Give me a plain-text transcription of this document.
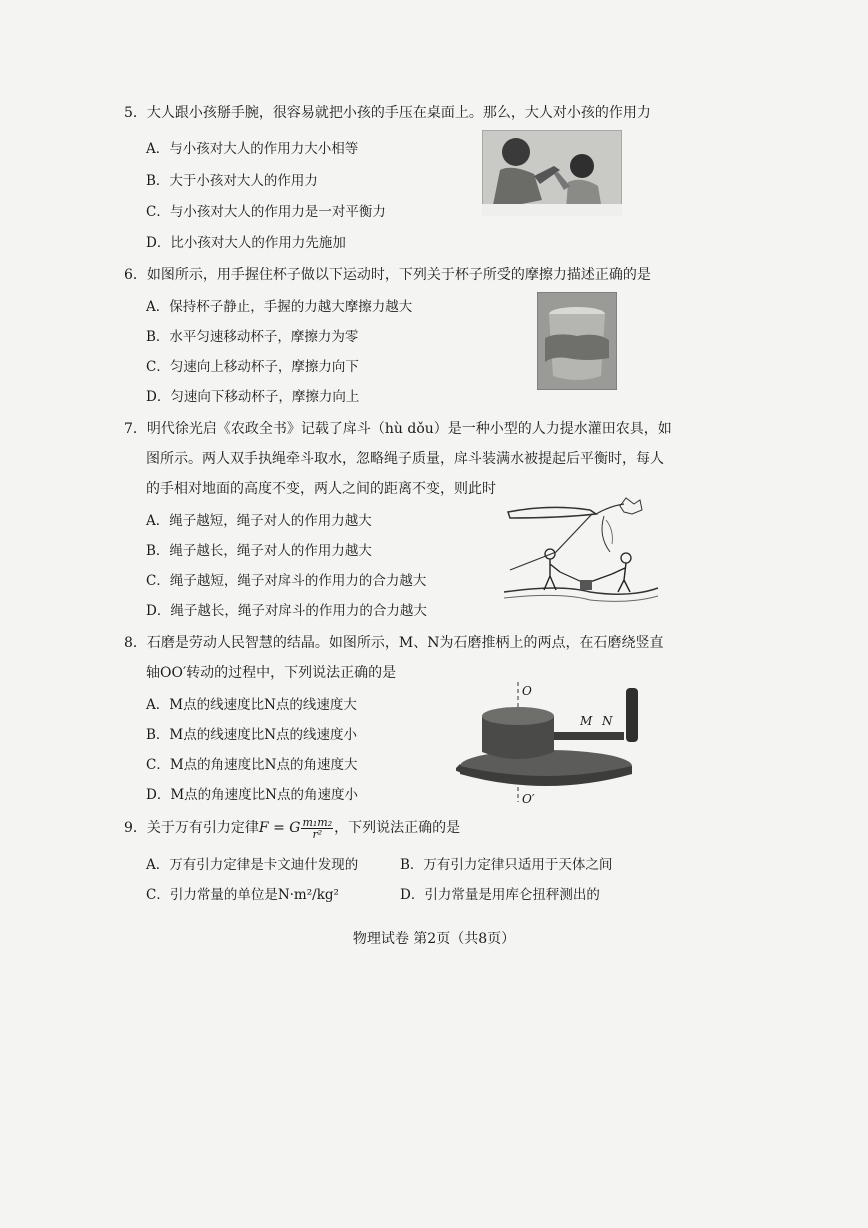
5．大人跟小孩掰手腕，很容易就把小孩的手压在桌面上。那么，大人对小孩的作用力
A．与小孩对大人的作用力大小相等
B．大于小孩对大人的作用力
C．与小孩对大人的作用力是一对平衡力
D．比小孩对大人的作用力先施加
6．如图所示，用手握住杯子做以下运动时，下列关于杯子所受的摩擦力描述正确的是
A．保持杯子静止，手握的力越大摩擦力越大
B．水平匀速移动杯子，摩擦力为零
C．匀速向上移动杯子，摩擦力向下
D．匀速向下移动杯子，摩擦力向上
7．明代徐光启《农政全书》记载了戽斗（hù dǒu）是一种小型的人力提水灌田农具，如
图所示。两人双手执绳牵斗取水，忽略绳子质量，戽斗装满水被提起后平衡时，每人
的手相对地面的高度不变，两人之间的距离不变，则此时
A．绳子越短，绳子对人的作用力越大
B．绳子越长，绳子对人的作用力越大
C．绳子越短，绳子对戽斗的作用力的合力越大
D．绳子越长，绳子对戽斗的作用力的合力越大
8．石磨是劳动人民智慧的结晶。如图所示，M、N为石磨推柄上的两点，在石磨绕竖直
轴OO′转动的过程中，下列说法正确的是
A．M点的线速度比N点的线速度大
B．M点的线速度比N点的线速度小
C．M点的角速度比N点的角速度大
D．M点的角速度比N点的角速度小
O
O′
M N
9．关于万有引力定律F = G $\frac{\text{m₁m₂}}{\text{r²}}$ ，下列说法正确的是
A．万有引力定律是卡文迪什发现的	B．万有引力定律只适用于天体之间
C．引力常量的单位是N·m²/kg²	D．引力常量是用库仑扭秤测出的
物理试卷 第2页（共8页）
